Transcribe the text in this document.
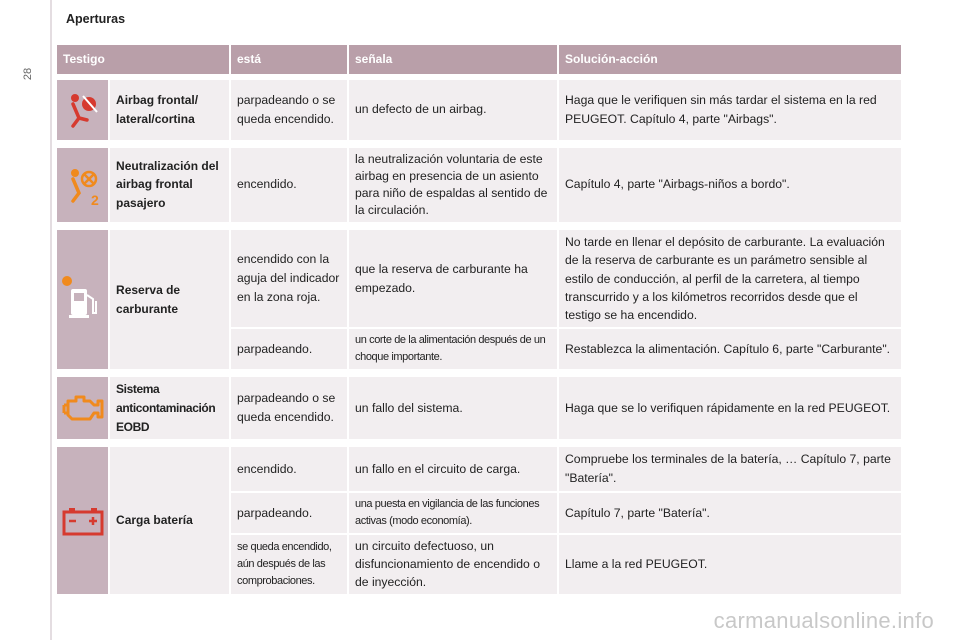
28
Aperturas
Testigo		está	señala	Solución-acción

	Airbag frontal/ lateral/cortina	parpadeando o se queda encendido.	un defecto de un airbag.	Haga que le verifiquen sin más tardar el sistema en la red PEUGEOT. Capítulo 4, parte "Airbags".

2	Neutralización del airbag frontal pasajero	encendido.	la neutralización voluntaria de este airbag en presencia de un asiento para niño de espaldas al sentido de la circulación.	Capítulo 4, parte "Airbags-niños a bordo".

	Reserva de carburante	encendido con la aguja del indicador en la zona roja.	que la reserva de carburante ha empezado.	No tarde en llenar el depósito de carburante. La evaluación de la reserva de carburante es un parámetro sensible al estilo de conducción, al perfil de la carretera, al tiempo transcurrido y a los kilómetros recorridos desde que el testigo se ha encendido.
		parpadeando.	un corte de la alimentación después de un choque importante.	Restablezca la alimentación. Capítulo 6, parte "Carburante".

	Sistema anticontaminación EOBD	parpadeando o se queda encendido.	un fallo del sistema.	Haga que se lo verifiquen rápidamente en la red PEUGEOT.

	Carga batería	encendido.	un fallo en el circuito de carga.	Compruebe los terminales de la batería, … Capítulo 7, parte "Batería".
		parpadeando.	una puesta en vigilancia de las funciones activas (modo economía).	Capítulo 7, parte "Batería".
		se queda encendido, aún después de las comprobaciones.	un circuito defectuoso, un disfuncionamiento de encendido o de inyección.	Llame a la red PEUGEOT.
carmanualsonline.info
